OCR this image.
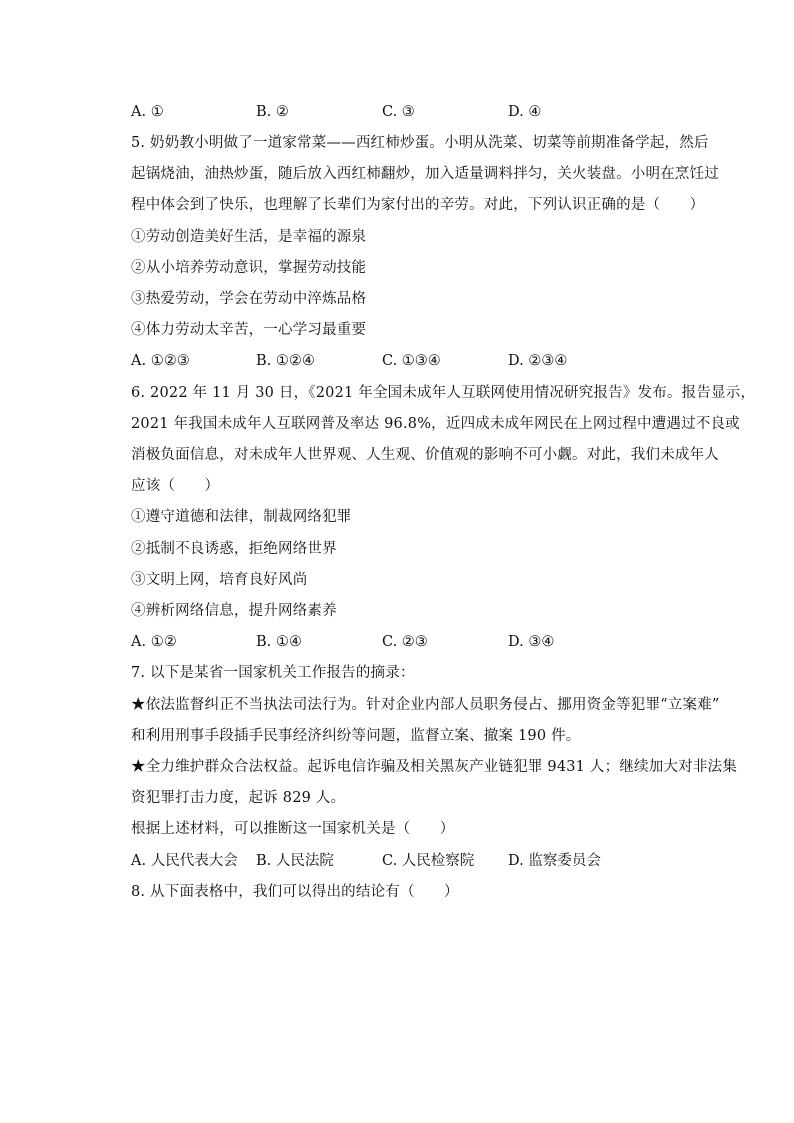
A. ①	B. ②	C. ③	D. ④
5. 奶奶教小明做了一道家常菜——西红柿炒蛋。小明从洗菜、切菜等前期准备学起，然后
起锅烧油，油热炒蛋，随后放入西红柿翻炒，加入适量调料拌匀，关火装盘。小明在烹饪过
程中体会到了快乐，也理解了长辈们为家付出的辛劳。对此，下列认识正确的是（　　）
①劳动创造美好生活，是幸福的源泉
②从小培养劳动意识，掌握劳动技能
③热爱劳动，学会在劳动中淬炼品格
④体力劳动太辛苦，一心学习最重要
A. ①②③	B. ①②④	C. ①③④	D. ②③④
6. 2022 年 11 月 30 日，《2021 年全国未成年人互联网使用情况研究报告》发布。报告显示，
2021 年我国未成年人互联网普及率达 96.8%，近四成未成年网民在上网过程中遭遇过不良或
消极负面信息，对未成年人世界观、人生观、价值观的影响不可小觑。对此，我们未成年人
应该（　　）
①遵守道德和法律，制裁网络犯罪
②抵制不良诱惑，拒绝网络世界
③文明上网，培育良好风尚
④辨析网络信息，提升网络素养
A. ①②	B. ①④	C. ②③	D. ③④
7. 以下是某省一国家机关工作报告的摘录：
★依法监督纠正不当执法司法行为。针对企业内部人员职务侵占、挪用资金等犯罪“立案难”
和利用刑事手段插手民事经济纠纷等问题，监督立案、撤案 190 件。
★全力维护群众合法权益。起诉电信诈骗及相关黑灰产业链犯罪 9431 人；继续加大对非法集
资犯罪打击力度，起诉 829 人。
根据上述材料，可以推断这一国家机关是（　　）
A. 人民代表大会 B. 人民法院	C. 人民检察院 D. 监察委员会
8. 从下面表格中，我们可以得出的结论有（　　）
